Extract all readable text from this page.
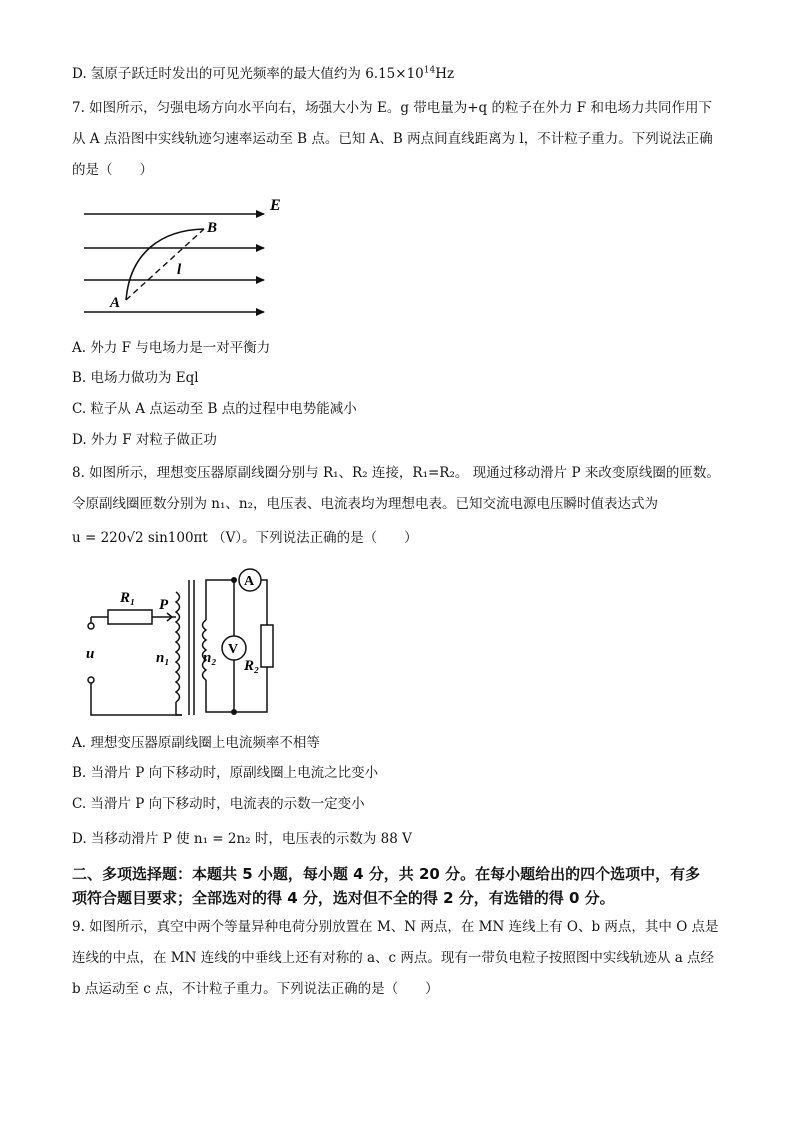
D. 氢原子跃迁时发出的可见光频率的最大值约为 $6.15\times 10^{14}Hz$
7. 如图所示，匀强电场方向水平向右，场强大小为 E。g 带电量为+q 的粒子在外力 F 和电场力共同作用下
从 A 点沿图中实线轨迹匀速率运动至 B 点。已知 A、B 两点间直线距离为 l，不计粒子重力。下列说法正确
的是（　　）
E
B
l
A
A. 外力 F 与电场力是一对平衡力
B. 电场力做功为 Eql
C. 粒子从 A 点运动至 B 点的过程中电势能减小
D. 外力 F 对粒子做正功
8. 如图所示，理想变压器原副线圈分别与 R₁、R₂ 连接，R₁=R₂。 现通过移动滑片 P 来改变原线圈的匝数。
令原副线圈匝数分别为 n₁、n₂，电压表、电流表均为理想电表。已知交流电源电压瞬时值表达式为
u = 220√2 sin100πt （V）。下列说法正确的是（　　）
A
V
R₁ P
u	n₁ n₂ R₂
A. 理想变压器原副线圈上电流频率不相等
B. 当滑片 P 向下移动时，原副线圈上电流之比变小
C. 当滑片 P 向下移动时，电流表的示数一定变小
D. 当移动滑片 P 使 n₁ = 2n₂ 时，电压表的示数为 88 V
二、多项选择题：本题共 5 小题，每小题 4 分，共 20 分。在每小题给出的四个选项中，有多
项符合题目要求；全部选对的得 4 分，选对但不全的得 2 分，有选错的得 0 分。
9. 如图所示，真空中两个等量异种电荷分别放置在 M、N 两点，在 MN 连线上有 O、b 两点，其中 O 点是
连线的中点，在 MN 连线的中垂线上还有对称的 a、c 两点。现有一带负电粒子按照图中实线轨迹从 a 点经
b 点运动至 c 点，不计粒子重力。下列说法正确的是（　　）
